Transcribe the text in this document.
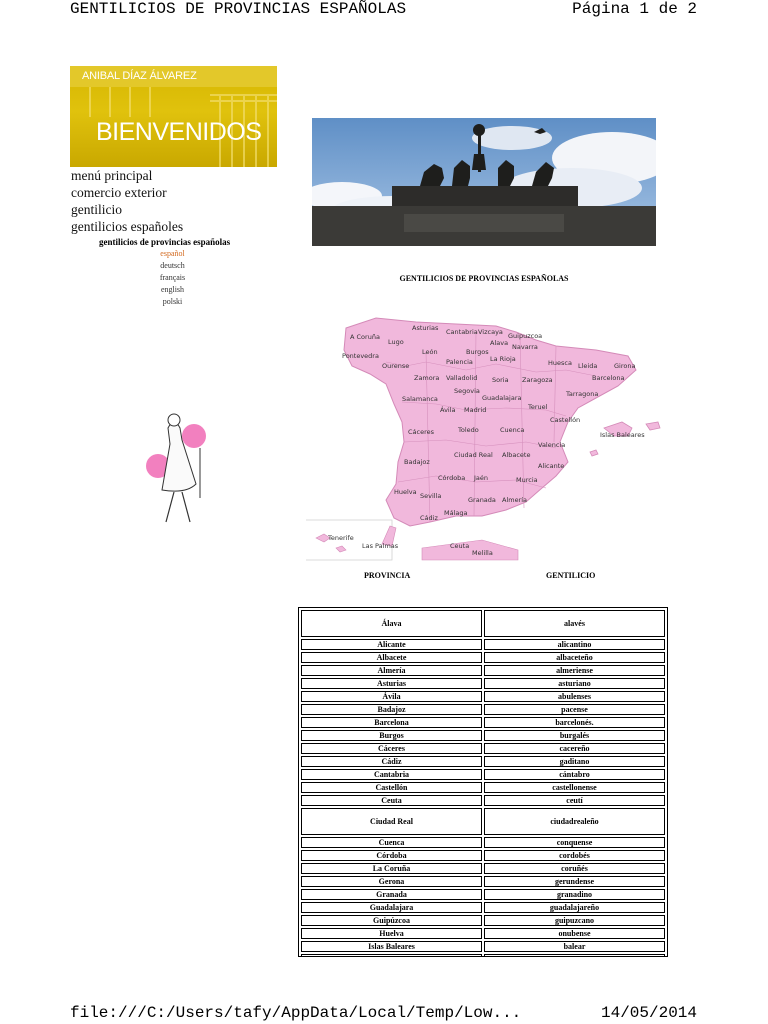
GENTILICIOS DE PROVINCIAS ESPAÑOLAS	Página 1 de 2
ANIBAL DÍAZ ÁLVAREZ
BIENVENIDOS
menú principal
comercio exterior
gentilicio
gentilicios españoles
gentilicios de provincias españolas
español
deutsch
français
english
polski
GENTILICIOS DE PROVINCIAS ESPAÑOLAS
A Coruña
Asturias Cantabria Vizcaya Guipuzcoa
Lugo	Alava Navarra
Pontevedra	León	Burgos
Ourense	Palencia	La Rioja	Huesca	Girona
Lleida
Zamora Valladolid Soria Zaragoza	Barcelona
Segovia
Salamanca	Guadalajara	Tarragona
Ávila Madrid	Teruel
Castellón
Cáceres	Toledo	Cuenca
Islas Baleares
Valencia
Badajoz
Ciudad Real Albacete
Alicante
Córdoba Jaén	Murcia
Huelva Sevilla	Granada Almería
Málaga
Cádiz
Tenerife
Las Palmas	Ceuta
Melilla
PROVINCIA	GENTILICIO
Álava	alavés
Alicante	alicantino
Albacete	albaceteño
Almería	almeriense
Asturias	asturiano
Ávila	abulenses
Badajoz	pacense
Barcelona	barcelonés.
Burgos	burgalés
Cáceres	cacereño
Cádiz	gaditano
Cantabria	cántabro
Castellón	castellonense
Ceuta	ceutí
Ciudad Real	ciudadrealeño
Cuenca	conquense
Córdoba	cordobés
La Coruña	coruñés
Gerona	gerundense
Granada	granadino
Guadalajara	guadalajareño
Guipúzcoa	guipuzcano
Huelva	onubense
Islas Baleares	balear

file:///C:/Users/tafy/AppData/Local/Temp/Low...	14/05/2014
